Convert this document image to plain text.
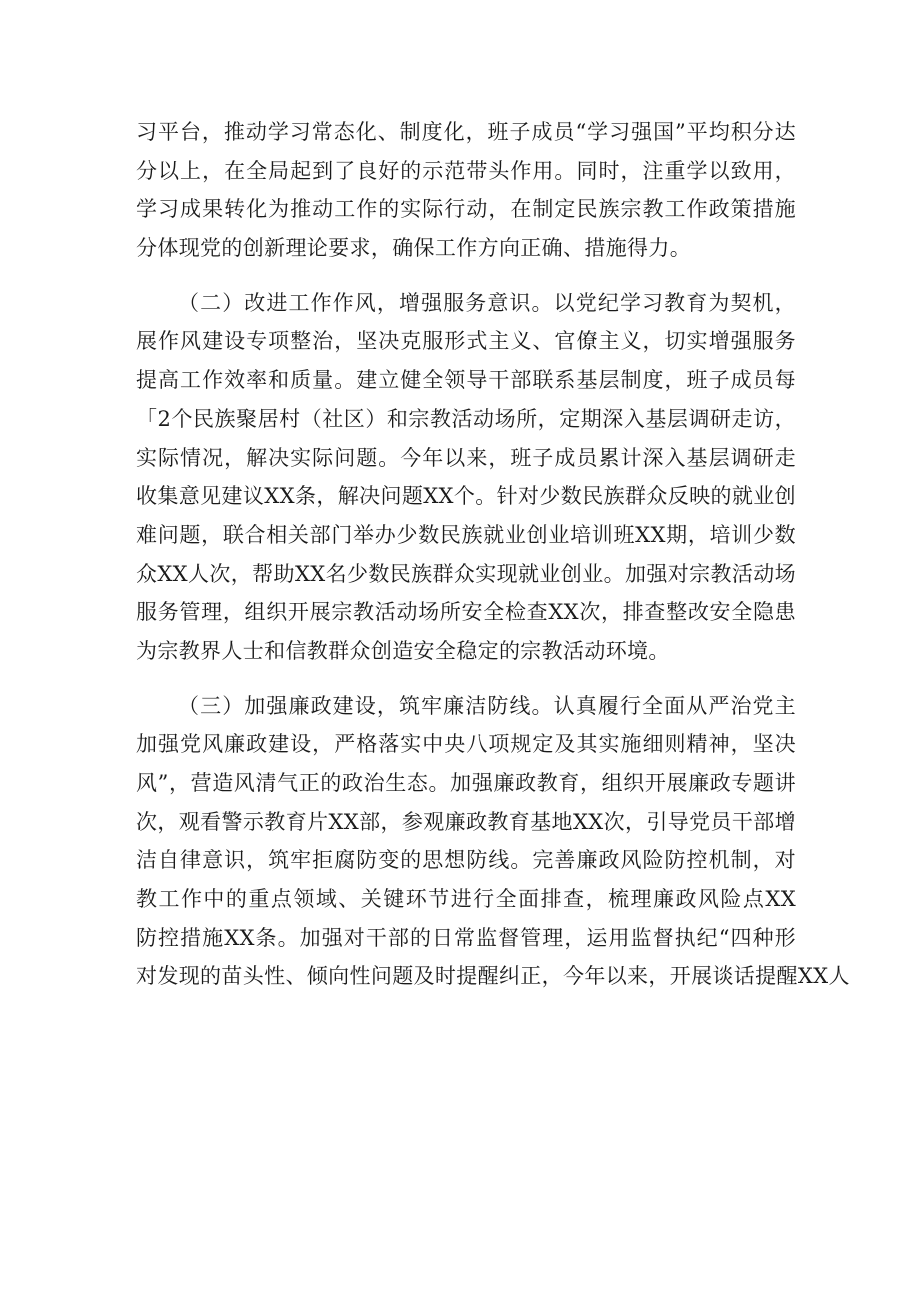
习平台，推动学习常态化、制度化，班子成员“学习强国”平均积分达
分以上，在全局起到了良好的示范带头作用。同时，注重学以致用，
学习成果转化为推动工作的实际行动，在制定民族宗教工作政策措施
分体现党的创新理论要求，确保工作方向正确、措施得力。
（二）改进工作作风，增强服务意识。以党纪学习教育为契机，
展作风建设专项整治，坚决克服形式主义、官僚主义，切实增强服务
提高工作效率和质量。建立健全领导干部联系基层制度，班子成员每
「2个民族聚居村（社区）和宗教活动场所，定期深入基层调研走访，
实际情况，解决实际问题。今年以来，班子成员累计深入基层调研走
收集意见建议XX条，解决问题XX个。针对少数民族群众反映的就业创
难问题，联合相关部门举办少数民族就业创业培训班XX期，培训少数
众XX人次，帮助XX名少数民族群众实现就业创业。加强对宗教活动场
服务管理，组织开展宗教活动场所安全检查XX次，排查整改安全隐患
为宗教界人士和信教群众创造安全稳定的宗教活动环境。
（三）加强廉政建设，筑牢廉洁防线。认真履行全面从严治党主
加强党风廉政建设，严格落实中央八项规定及其实施细则精神，坚决
风”，营造风清气正的政治生态。加强廉政教育，组织开展廉政专题讲
次，观看警示教育片XX部，参观廉政教育基地XX次，引导党员干部增
洁自律意识，筑牢拒腐防变的思想防线。完善廉政风险防控机制，对
教工作中的重点领域、关键环节进行全面排查，梳理廉政风险点XX
防控措施XX条。加强对干部的日常监督管理，运用监督执纪“四种形
对发现的苗头性、倾向性问题及时提醒纠正，今年以来，开展谈话提醒XX人
